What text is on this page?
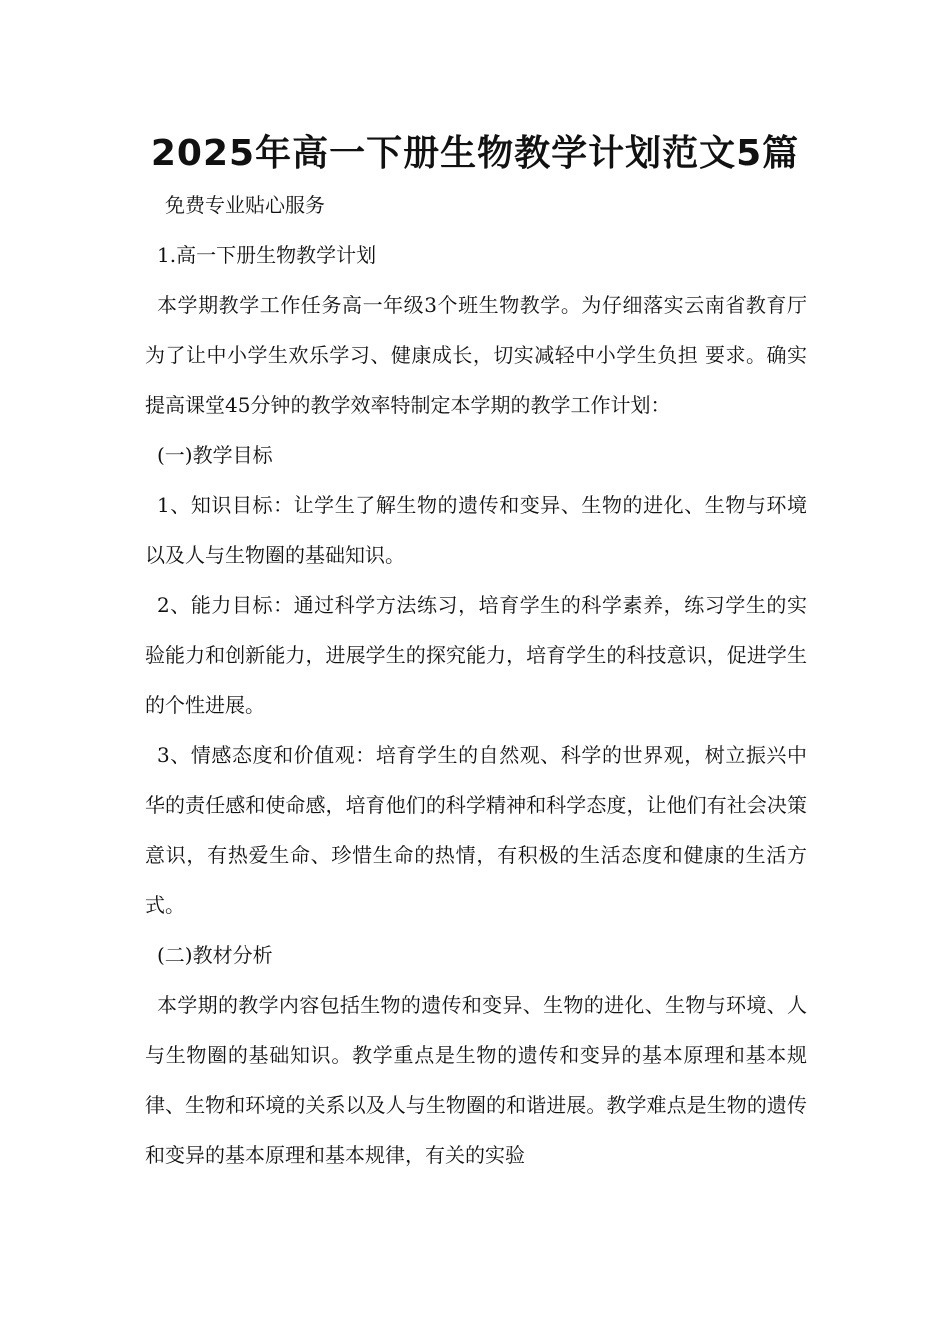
2025年高一下册生物教学计划范文5篇

免费专业贴心服务

1.高一下册生物教学计划

本学期教学工作任务高一年级3个班生物教学。为仔细落实云南省教育厅 为了让中小学生欢乐学习、健康成长，切实减轻中小学生负担 要求。确实提高课堂45分钟的教学效率特制定本学期的教学工作计划：

(一)教学目标

1、知识目标：让学生了解生物的遗传和变异、生物的进化、生物与环境以及人与生物圈的基础知识。

2、能力目标：通过科学方法练习，培育学生的科学素养，练习学生的实验能力和创新能力，进展学生的探究能力，培育学生的科技意识，促进学生的个性进展。

3、情感态度和价值观：培育学生的自然观、科学的世界观，树立振兴中华的责任感和使命感，培育他们的科学精神和科学态度，让他们有社会决策意识，有热爱生命、珍惜生命的热情，有积极的生活态度和健康的生活方式。

(二)教材分析

本学期的教学内容包括生物的遗传和变异、生物的进化、生物与环境、人与生物圈的基础知识。教学重点是生物的遗传和变异的基本原理和基本规律、生物和环境的关系以及人与生物圈的和谐进展。教学难点是生物的遗传和变异的基本原理和基本规律，有关的实验
